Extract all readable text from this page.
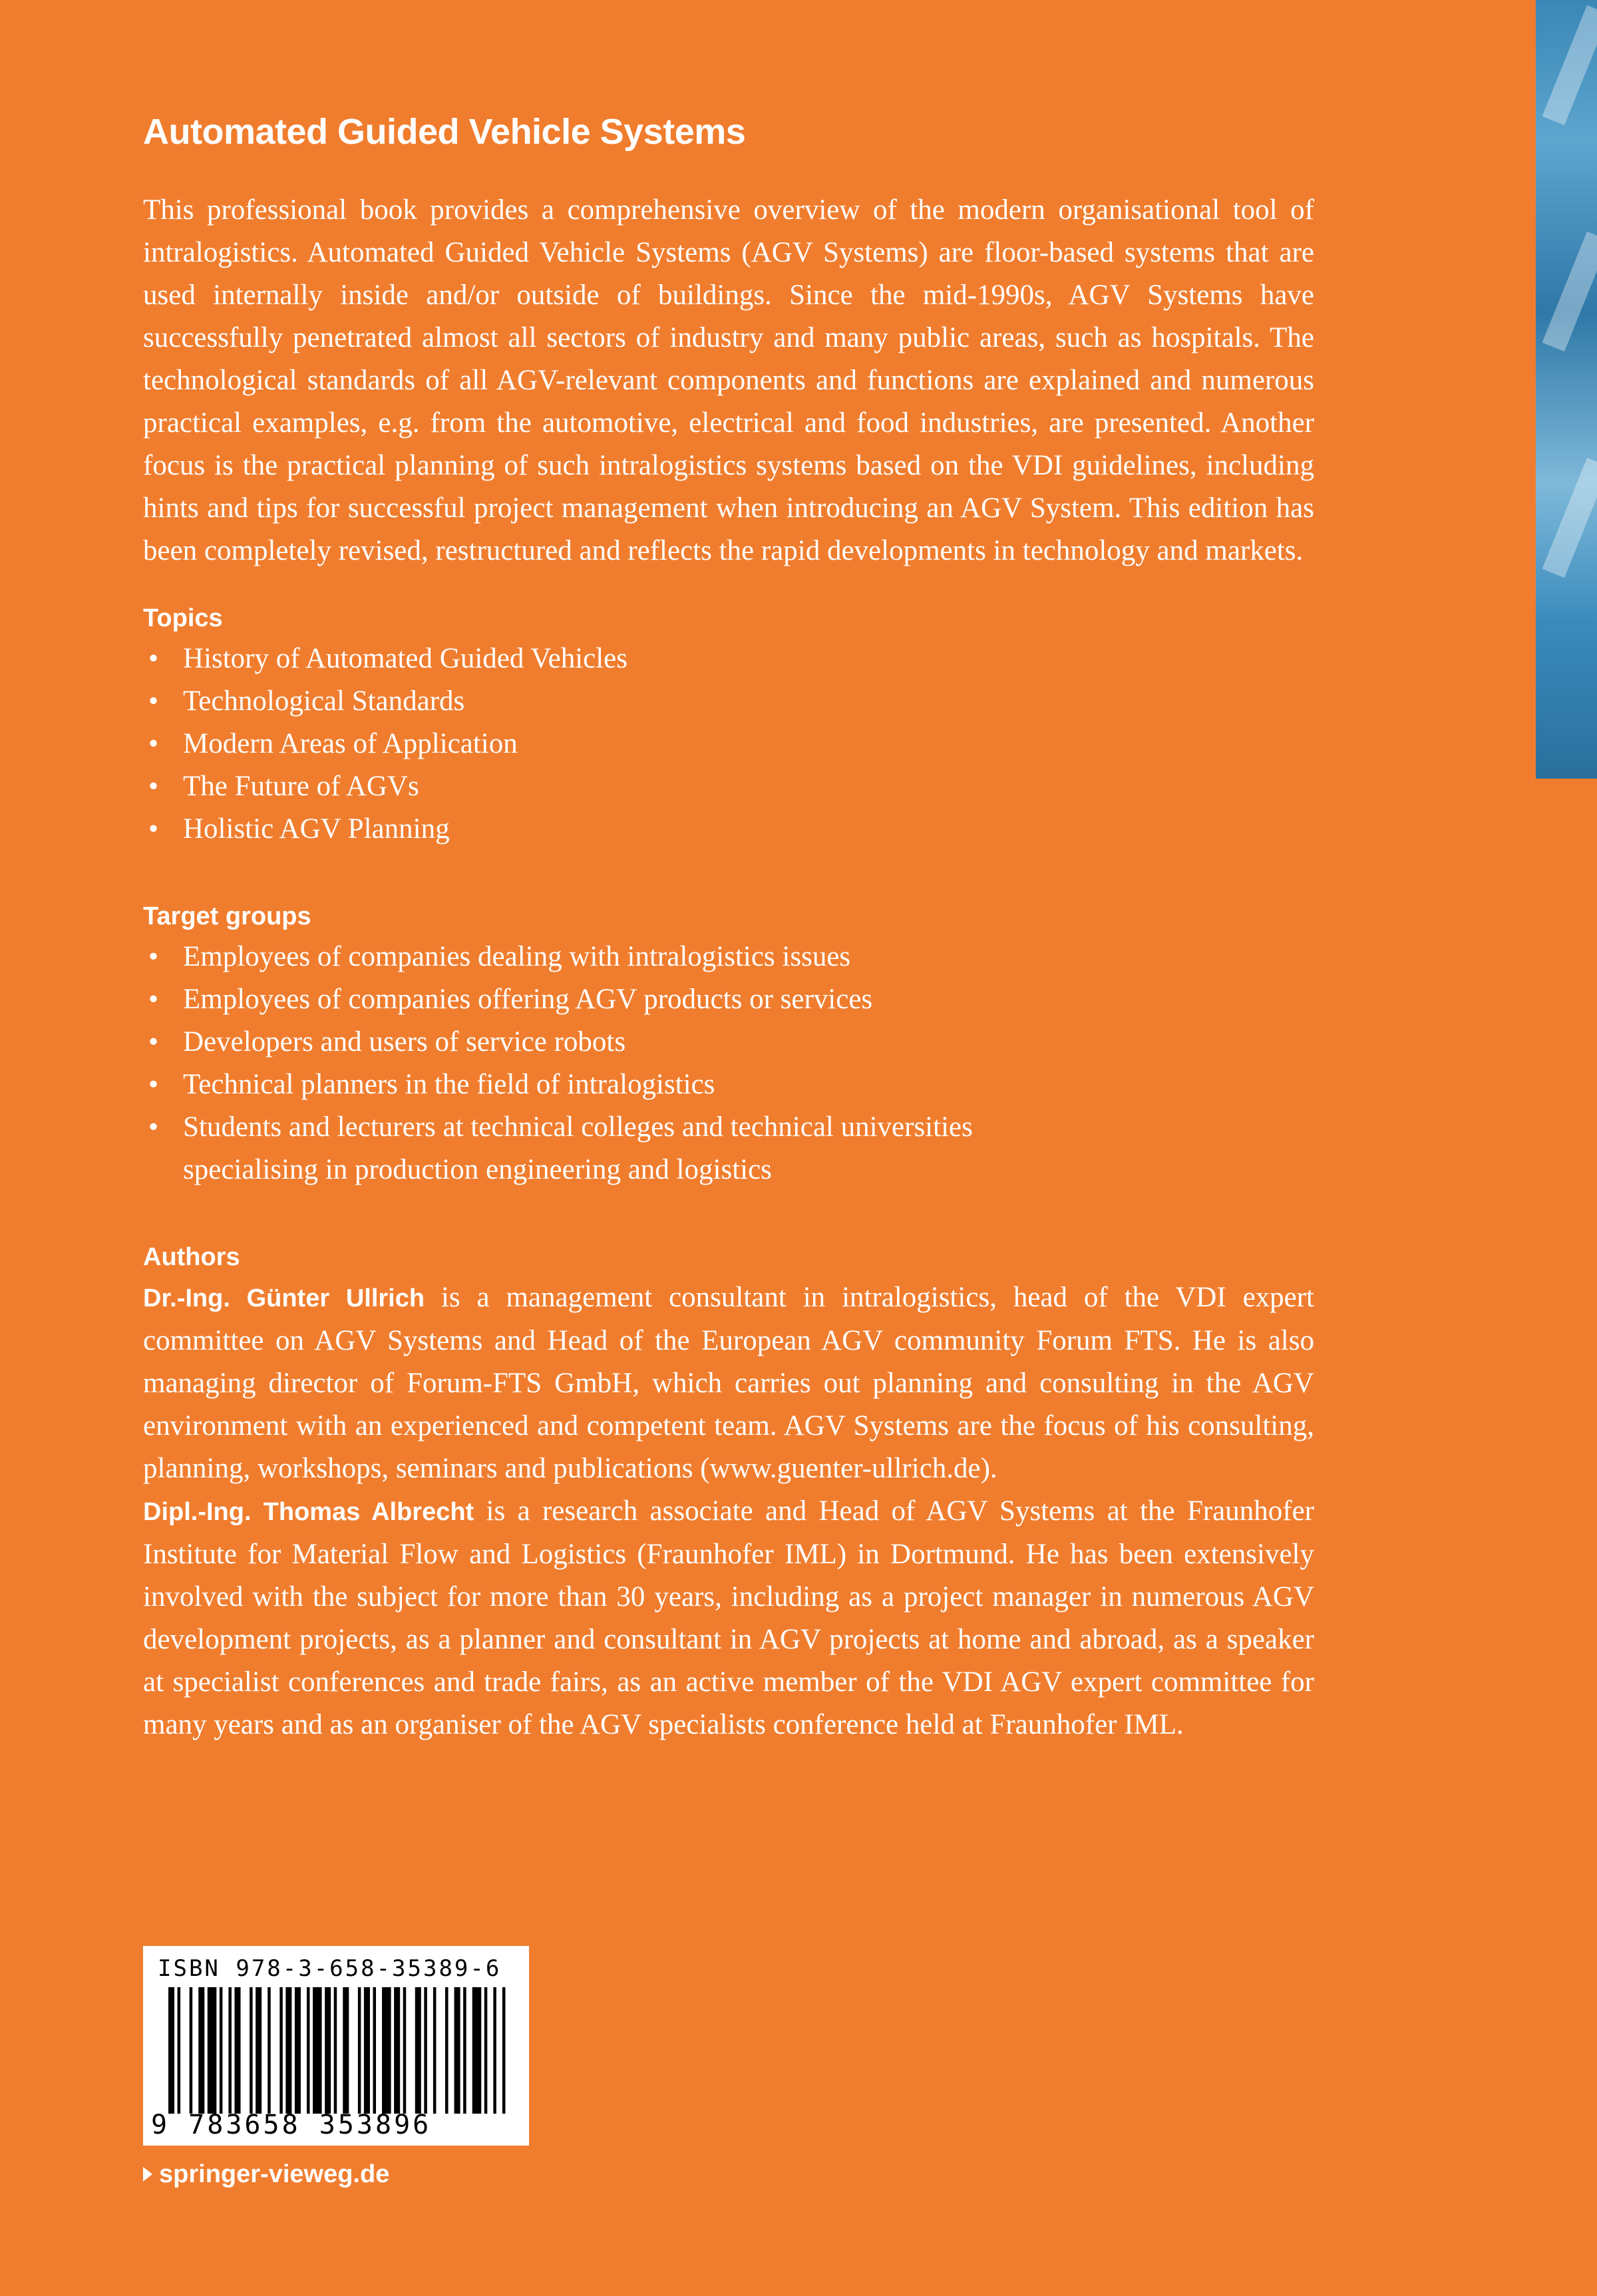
Automated Guided Vehicle Systems

This professional book provides a comprehensive overview of the modern organisational tool of intralogistics. Automated Guided Vehicle Systems (AGV Systems) are floor-based systems that are used internally inside and/or outside of buildings. Since the mid-1990s, AGV Systems have successfully penetrated almost all sectors of industry and many public areas, such as hospitals. The technological standards of all AGV-relevant components and functions are explained and numerous practical examples, e.g. from the automotive, electrical and food industries, are presented. Another focus is the practical planning of such intralogistics systems based on the VDI guidelines, including hints and tips for successful project management when introducing an AGV System. This edition has been completely revised, restructured and reflects the rapid developments in technology and markets.

Topics
• History of Automated Guided Vehicles
• Technological Standards
• Modern Areas of Application
• The Future of AGVs
• Holistic AGV Planning
Target groups
• Employees of companies dealing with intralogistics issues
• Employees of companies offering AGV products or services
• Developers and users of service robots
• Technical planners in the field of intralogistics
• Students and lecturers at technical colleges and technical universities specialising in production engineering and logistics
Authors

Dr.-Ing. Günter Ullrich is a management consultant in intralogistics, head of the VDI expert committee on AGV Systems and Head of the European AGV community Forum FTS. He is also managing director of Forum-FTS GmbH, which carries out planning and consulting in the AGV environment with an experienced and competent team. AGV Systems are the focus of his consulting, planning, workshops, seminars and publications (www.guenter-ullrich.de).

Dipl.-Ing. Thomas Albrecht is a research associate and Head of AGV Systems at the Fraunhofer Institute for Material Flow and Logistics (Fraunhofer IML) in Dortmund. He has been extensively involved with the subject for more than 30 years, including as a project manager in numerous AGV development projects, as a planner and consultant in AGV projects at home and abroad, as a speaker at specialist conferences and trade fairs, as an active member of the VDI AGV expert committee for many years and as an organiser of the AGV specialists conference held at Fraunhofer IML.

ISBN 978-3-658-35389-6
9 783658 353896
springer-vieweg.de
